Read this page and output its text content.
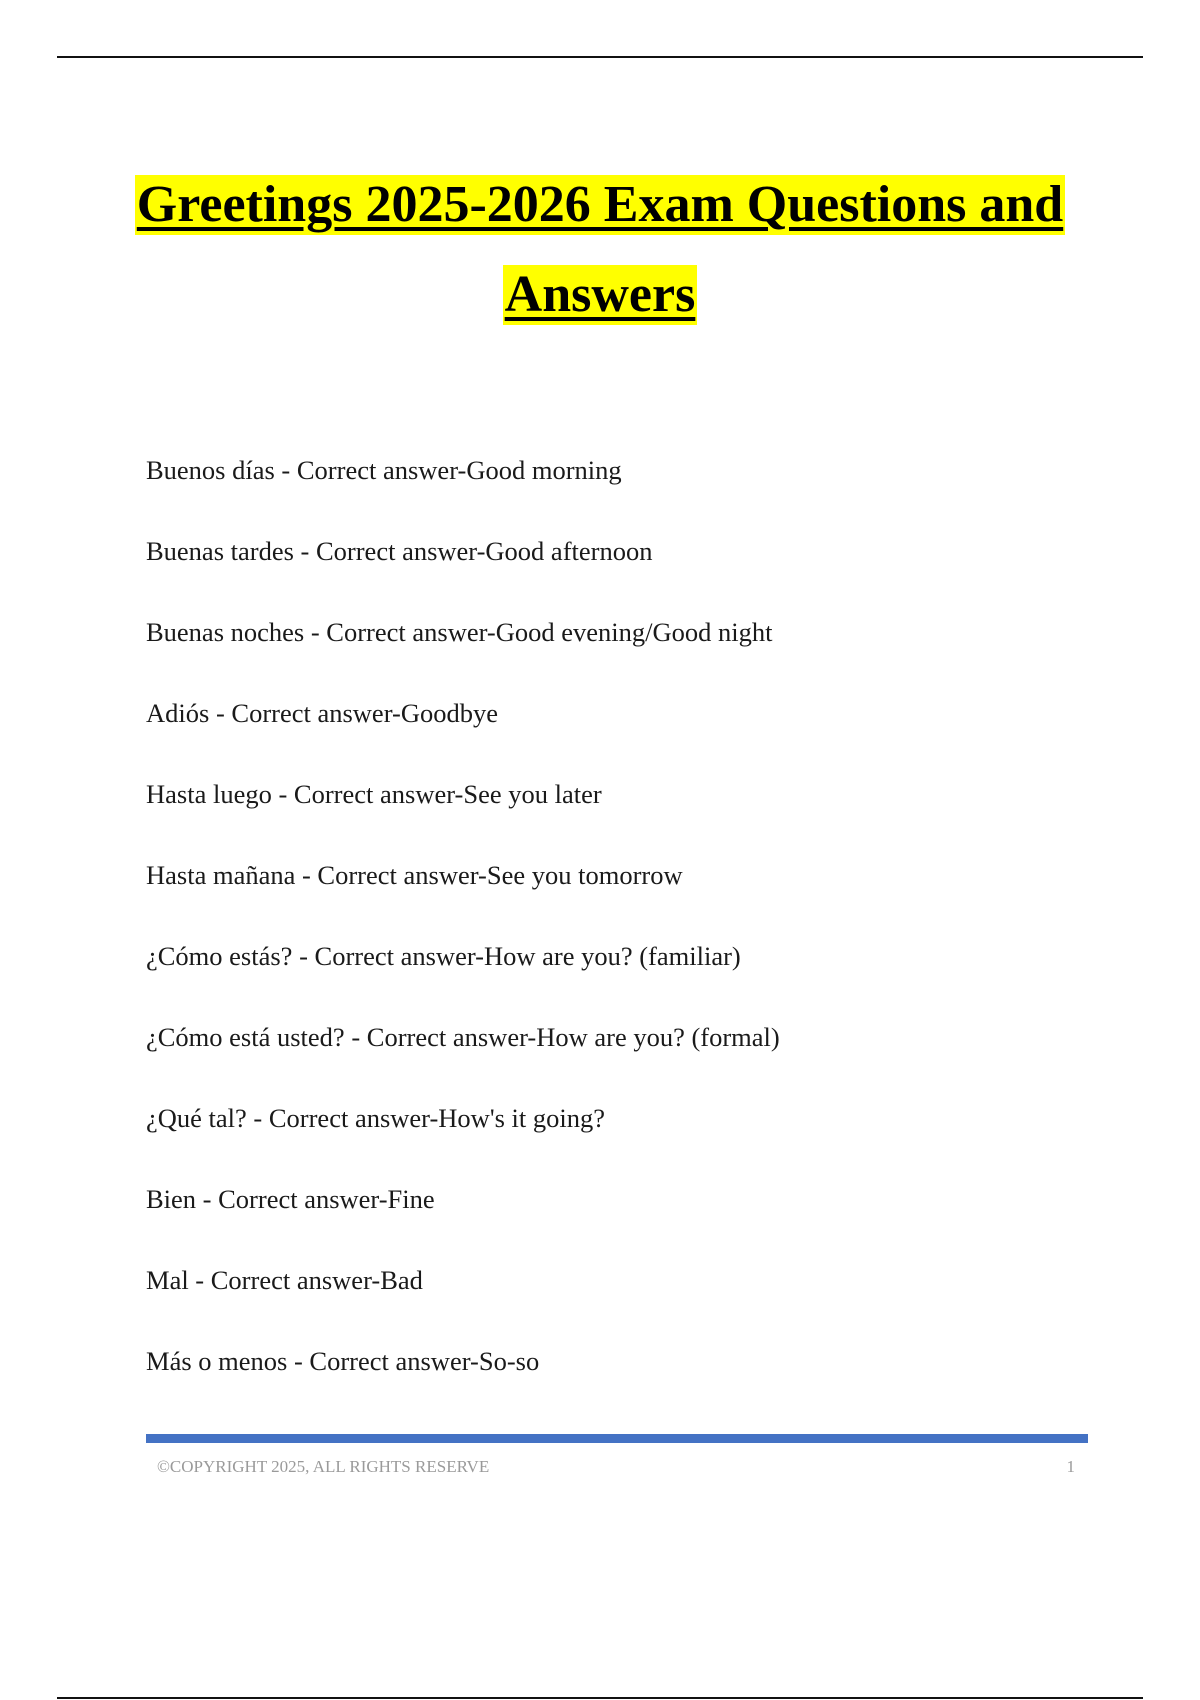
Greetings 2025-2026 Exam Questions and
Answers
Buenos días - Correct answer-Good morning
Buenas tardes - Correct answer-Good afternoon
Buenas noches - Correct answer-Good evening/Good night
Adiós - Correct answer-Goodbye
Hasta luego - Correct answer-See you later
Hasta mañana - Correct answer-See you tomorrow
¿Cómo estás? - Correct answer-How are you? (familiar)
¿Cómo está usted? - Correct answer-How are you? (formal)
¿Qué tal? - Correct answer-How's it going?
Bien - Correct answer-Fine
Mal - Correct answer-Bad
Más o menos - Correct answer-So-so
©COPYRIGHT 2025, ALL RIGHTS RESERVE	1
